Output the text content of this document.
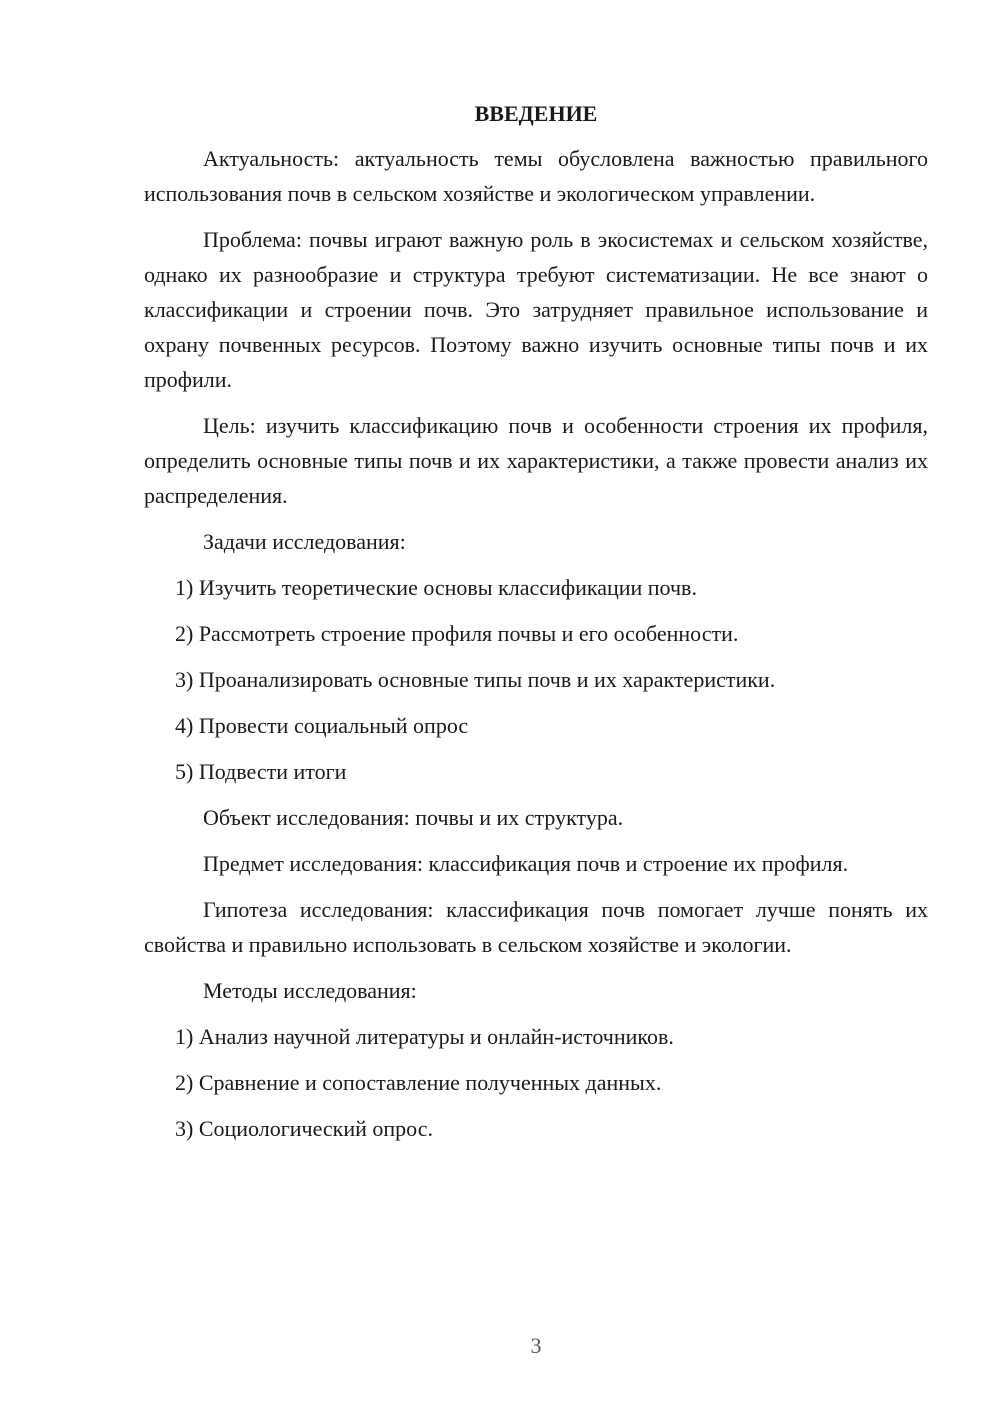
ВВЕДЕНИЕ

Актуальность: актуальность темы обусловлена важностью правильного использования почв в сельском хозяйстве и экологическом управлении.

Проблема: почвы играют важную роль в экосистемах и сельском хозяйстве, однако их разнообразие и структура требуют систематизации. Не все знают о классификации и строении почв. Это затрудняет правильное использование и охрану почвенных ресурсов. Поэтому важно изучить основные типы почв и их профили.

Цель: изучить классификацию почв и особенности строения их профиля, определить основные типы почв и их характеристики, а также провести анализ их распределения.

Задачи исследования:

1) Изучить теоретические основы классификации почв.

2) Рассмотреть строение профиля почвы и его особенности.

3) Проанализировать основные типы почв и их характеристики.

4) Провести социальный опрос

5) Подвести итоги

Объект исследования: почвы и их структура.

Предмет исследования: классификация почв и строение их профиля.

Гипотеза исследования: классификация почв помогает лучше понять их свойства и правильно использовать в сельском хозяйстве и экологии.

Методы исследования:

1) Анализ научной литературы и онлайн-источников.

2) Сравнение и сопоставление полученных данных.

3) Социологический опрос.

3
